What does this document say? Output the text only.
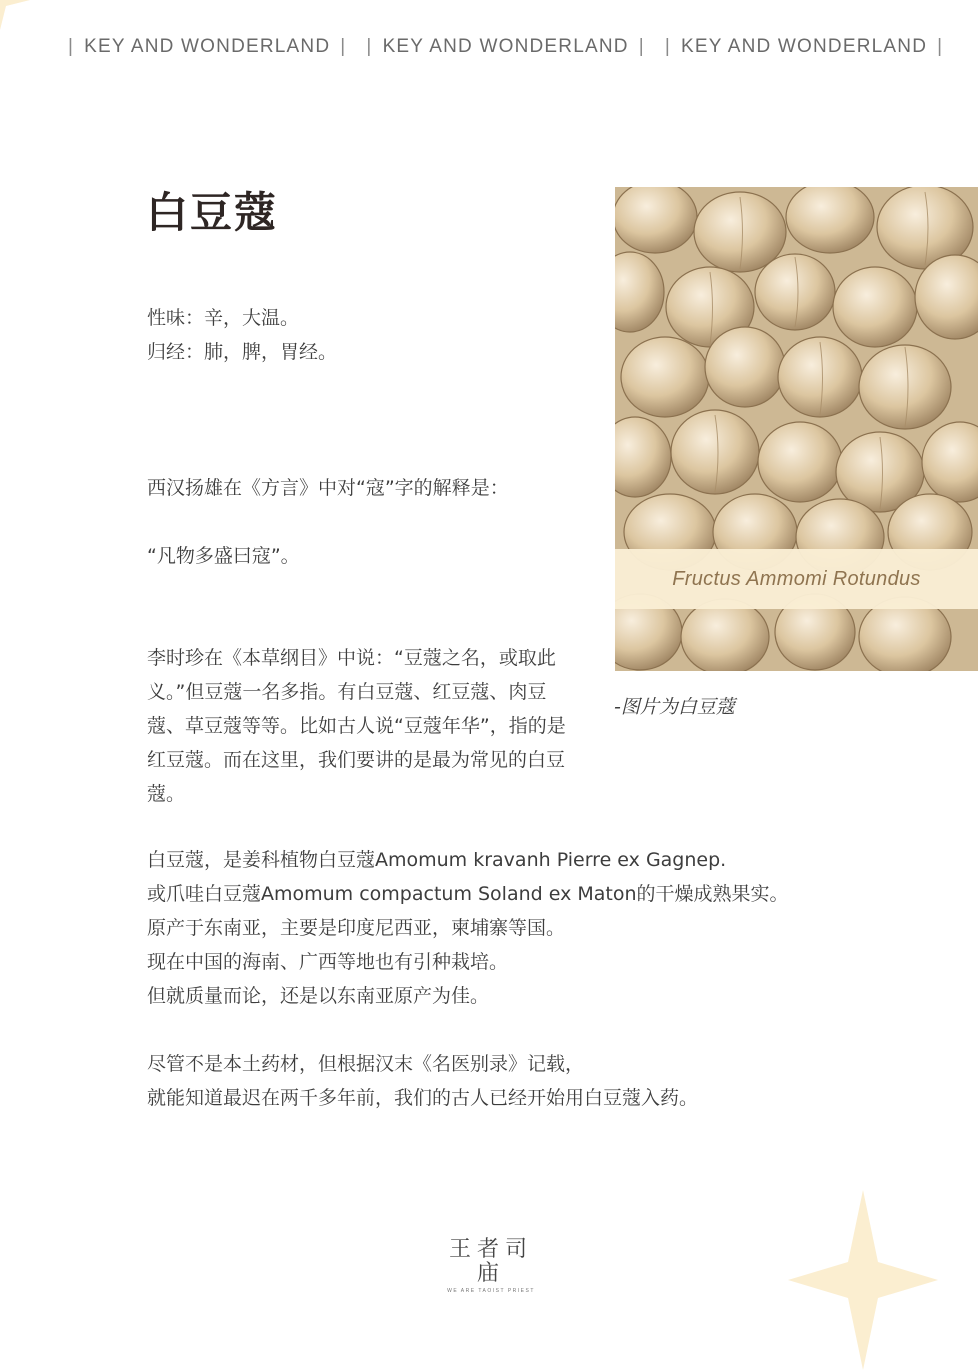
| KEY AND WONDERLAND |	| KEY AND WONDERLAND |	| KEY AND WONDERLAND |
白豆蔻

性味：辛，大温。

归经：肺，脾，胃经。

西汉扬雄在《方言》中对“寇”字的解释是：

“凡物多盛曰寇”。

李时珍在《本草纲目》中说：“豆蔻之名，或取此义。”但豆蔻一名多指。有白豆蔻、红豆蔻、肉豆蔻、草豆蔻等等。比如古人说“豆蔻年华”，指的是红豆蔻。而在这里，我们要讲的是最为常见的白豆蔻。

Fructus Ammomi Rotundus
-图片为白豆蔻

白豆蔻，是姜科植物白豆蔻Amomum kravanh Pierre ex Gagnep.

或爪哇白豆蔻Amomum compactum Soland ex Maton的干燥成熟果实。

原产于东南亚，主要是印度尼西亚，柬埔寨等国。

现在中国的海南、广西等地也有引种栽培。

但就质量而论，还是以东南亚原产为佳。

尽管不是本土药材，但根据汉末《名医别录》记载，

就能知道最迟在两千多年前，我们的古人已经开始用白豆蔻入药。

王者司庙
WE ARE TAOIST PRIEST
